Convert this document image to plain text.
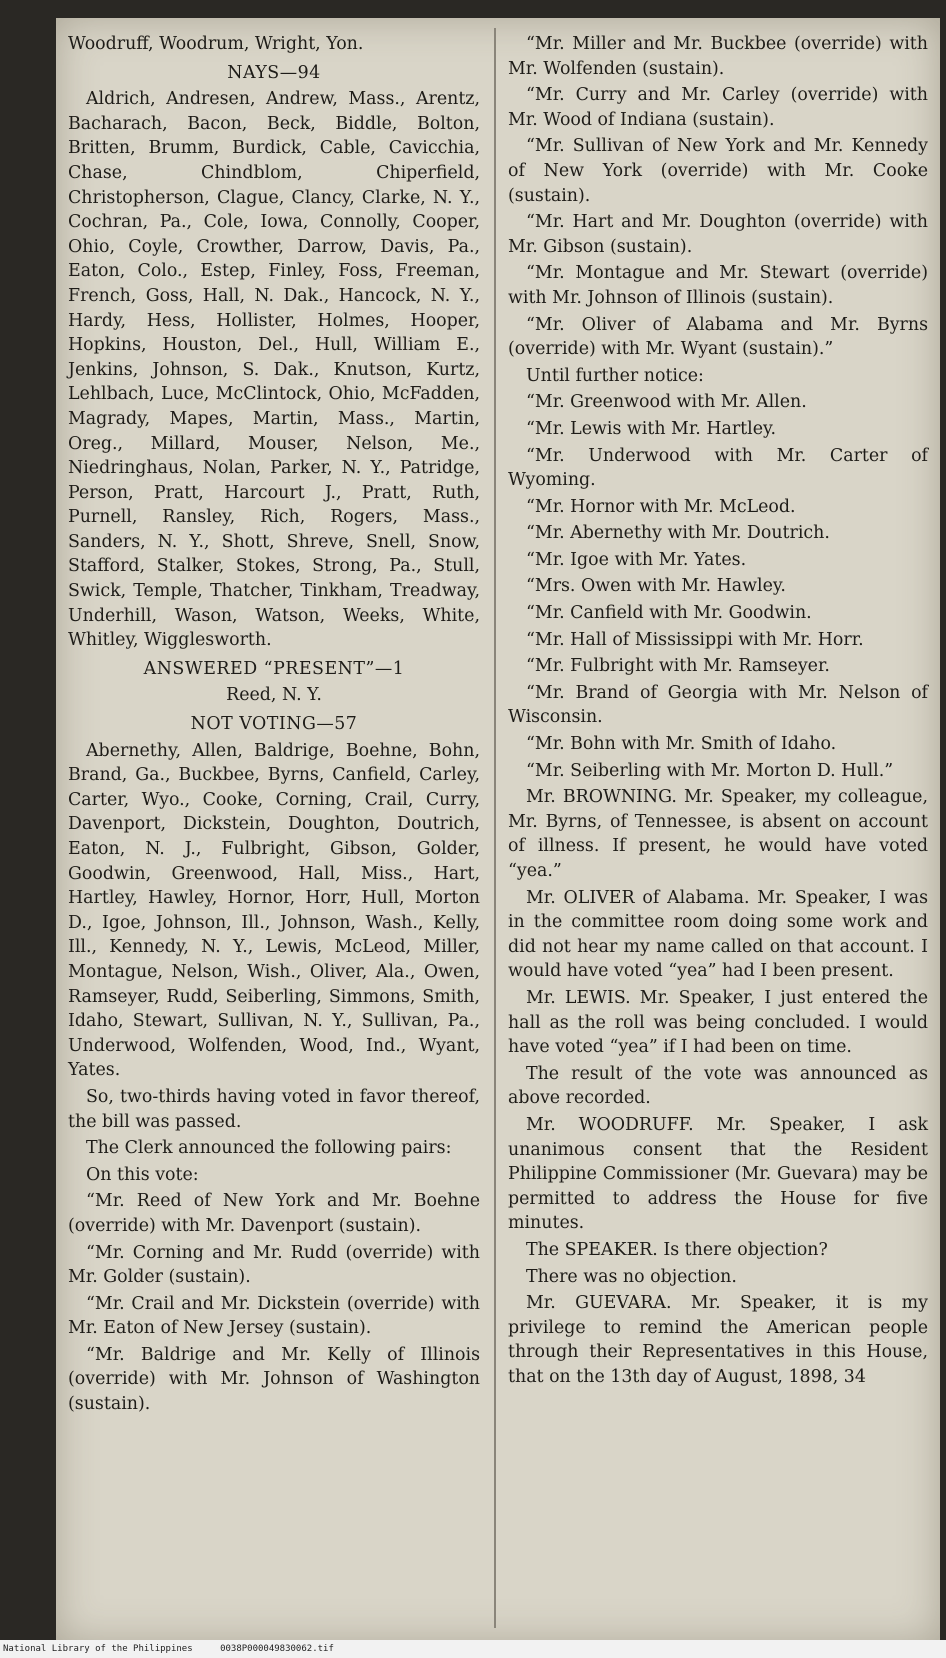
Woodruff, Woodrum, Wright, Yon.

NAYS—94

Aldrich, Andresen, Andrew, Mass., Arentz, Bacharach, Bacon, Beck, Biddle, Bolton, Britten, Brumm, Burdick, Cable, Cavicchia, Chase, Chindblom, Chiperfield, Christopherson, Clague, Clancy, Clarke, N. Y., Cochran, Pa., Cole, Iowa, Connolly, Cooper, Ohio, Coyle, Crowther, Darrow, Davis, Pa., Eaton, Colo., Estep, Finley, Foss, Freeman, French, Goss, Hall, N. Dak., Hancock, N. Y., Hardy, Hess, Hollister, Holmes, Hooper, Hopkins, Houston, Del., Hull, William E., Jenkins, Johnson, S. Dak., Knutson, Kurtz, Lehlbach, Luce, McClintock, Ohio, McFadden, Magrady, Mapes, Martin, Mass., Martin, Oreg., Millard, Mouser, Nelson, Me., Niedringhaus, Nolan, Parker, N. Y., Patridge, Person, Pratt, Harcourt J., Pratt, Ruth, Purnell, Ransley, Rich, Rogers, Mass., Sanders, N. Y., Shott, Shreve, Snell, Snow, Stafford, Stalker, Stokes, Strong, Pa., Stull, Swick, Temple, Thatcher, Tinkham, Treadway, Underhill, Wason, Watson, Weeks, White, Whitley, Wigglesworth.

ANSWERED “PRESENT”—1

Reed, N. Y.

NOT VOTING—57

Abernethy, Allen, Baldrige, Boehne, Bohn, Brand, Ga., Buckbee, Byrns, Canfield, Carley, Carter, Wyo., Cooke, Corning, Crail, Curry, Davenport, Dickstein, Doughton, Doutrich, Eaton, N. J., Fulbright, Gibson, Golder, Goodwin, Greenwood, Hall, Miss., Hart, Hartley, Hawley, Hornor, Horr, Hull, Morton D., Igoe, Johnson, Ill., Johnson, Wash., Kelly, Ill., Kennedy, N. Y., Lewis, McLeod, Miller, Montague, Nelson, Wish., Oliver, Ala., Owen, Ramseyer, Rudd, Seiberling, Simmons, Smith, Idaho, Stewart, Sullivan, N. Y., Sullivan, Pa., Underwood, Wolfenden, Wood, Ind., Wyant, Yates.

So, two-thirds having voted in favor thereof, the bill was passed.

The Clerk announced the following pairs:

On this vote:

“Mr. Reed of New York and Mr. Boehne (override) with Mr. Davenport (sustain).

“Mr. Corning and Mr. Rudd (override) with Mr. Golder (sustain).

“Mr. Crail and Mr. Dickstein (override) with Mr. Eaton of New Jersey (sustain).

“Mr. Baldrige and Mr. Kelly of Illinois (override) with Mr. Johnson of Washington (sustain).

“Mr. Miller and Mr. Buckbee (override) with Mr. Wolfenden (sustain).

“Mr. Curry and Mr. Carley (override) with Mr. Wood of Indiana (sustain).

“Mr. Sullivan of New York and Mr. Kennedy of New York (override) with Mr. Cooke (sustain).

“Mr. Hart and Mr. Doughton (override) with Mr. Gibson (sustain).

“Mr. Montague and Mr. Stewart (override) with Mr. Johnson of Illinois (sustain).

“Mr. Oliver of Alabama and Mr. Byrns (override) with Mr. Wyant (sustain).”

Until further notice:

“Mr. Greenwood with Mr. Allen.

“Mr. Lewis with Mr. Hartley.

“Mr. Underwood with Mr. Carter of Wyoming.

“Mr. Hornor with Mr. McLeod.

“Mr. Abernethy with Mr. Doutrich.

“Mr. Igoe with Mr. Yates.

“Mrs. Owen with Mr. Hawley.

“Mr. Canfield with Mr. Goodwin.

“Mr. Hall of Mississippi with Mr. Horr.

“Mr. Fulbright with Mr. Ramseyer.

“Mr. Brand of Georgia with Mr. Nelson of Wisconsin.

“Mr. Bohn with Mr. Smith of Idaho.

“Mr. Seiberling with Mr. Morton D. Hull.”

Mr. BROWNING. Mr. Speaker, my colleague, Mr. Byrns, of Tennessee, is absent on account of illness. If present, he would have voted “yea.”

Mr. OLIVER of Alabama. Mr. Speaker, I was in the committee room doing some work and did not hear my name called on that account. I would have voted “yea” had I been present.

Mr. LEWIS. Mr. Speaker, I just entered the hall as the roll was being concluded. I would have voted “yea” if I had been on time.

The result of the vote was announced as above recorded.

Mr. WOODRUFF. Mr. Speaker, I ask unanimous consent that the Resident Philippine Commissioner (Mr. Guevara) may be permitted to address the House for five minutes.

The SPEAKER. Is there objection?

There was no objection.

Mr. GUEVARA. Mr. Speaker, it is my privilege to remind the American people through their Representatives in this House, that on the 13th day of August, 1898, 34

National Library of the Philippines	0038P000049830062.tif
